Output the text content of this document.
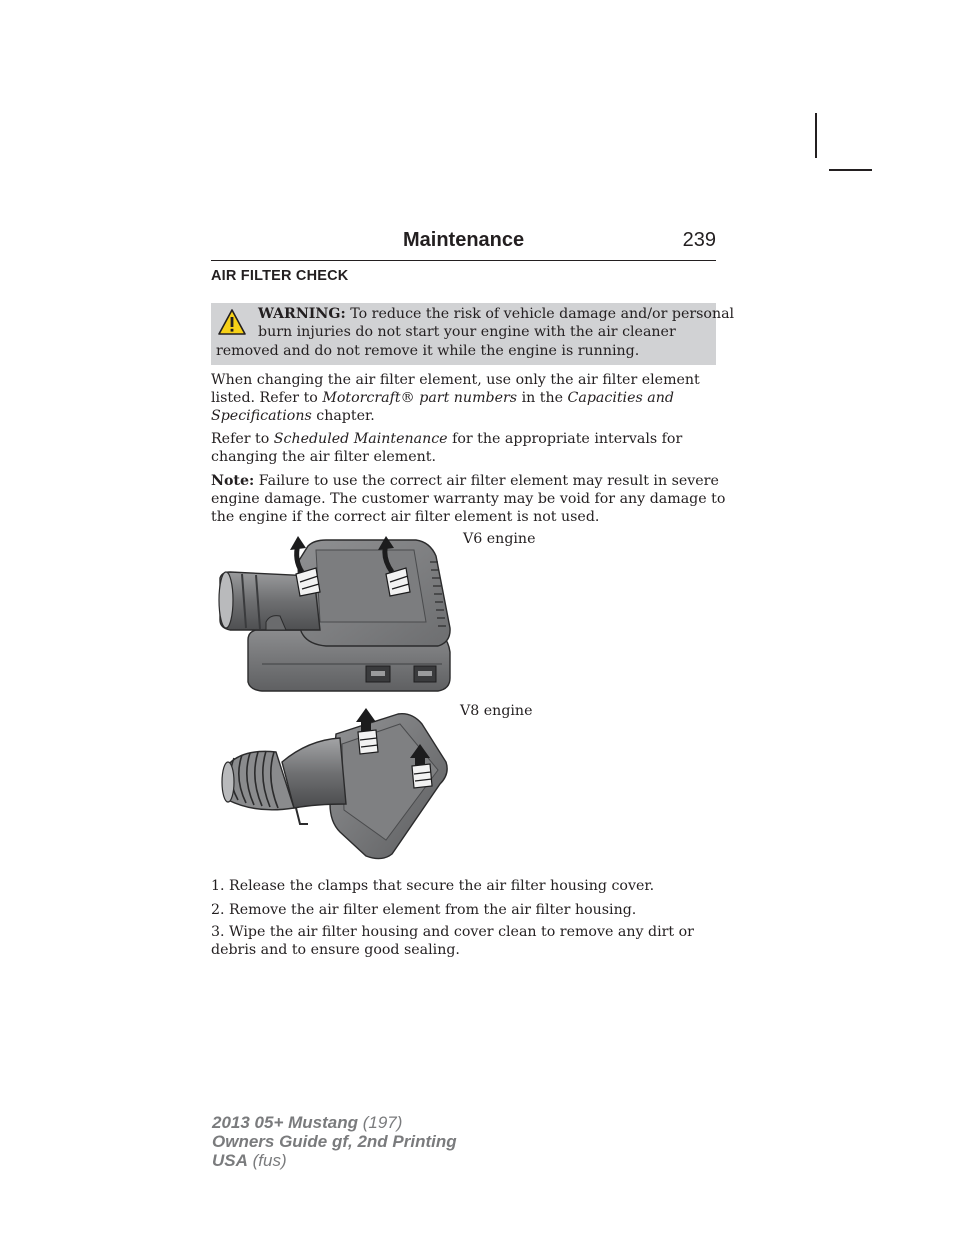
Maintenance	239
AIR FILTER CHECK
WARNING: To reduce the risk of vehicle damage and/or personal
burn injuries do not start your engine with the air cleaner
removed and do not remove it while the engine is running.
When changing the air filter element, use only the air filter element
listed. Refer to Motorcraft® part numbers in the Capacities and
Specifications chapter.
Refer to Scheduled Maintenance for the appropriate intervals for
changing the air filter element.
Note: Failure to use the correct air filter element may result in severe
engine damage. The customer warranty may be void for any damage to
the engine if the correct air filter element is not used.
V6 engine
V8 engine
1. Release the clamps that secure the air filter housing cover.
2. Remove the air filter element from the air filter housing.
3. Wipe the air filter housing and cover clean to remove any dirt or
debris and to ensure good sealing.
2013 05+ Mustang (197)
Owners Guide gf, 2nd Printing
USA (fus)
